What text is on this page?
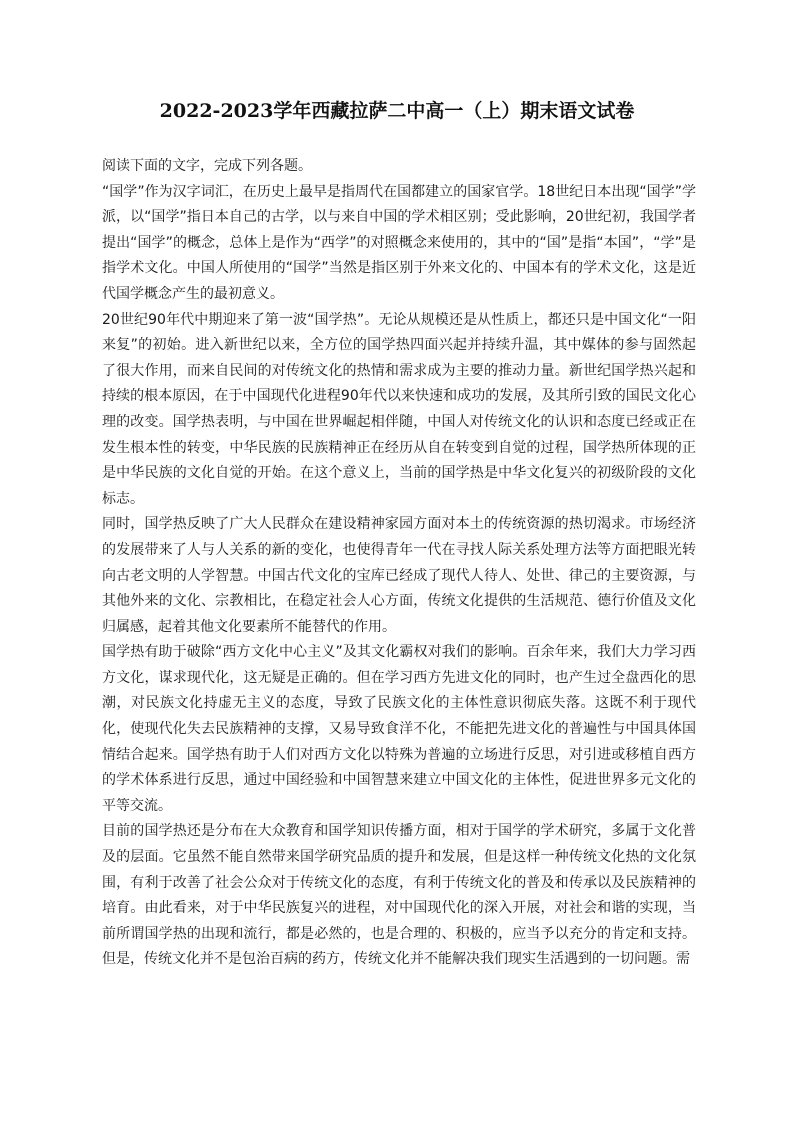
2022-2023学年西藏拉萨二中高一（上）期末语文试卷

阅读下面的文字，完成下列各题。

“国学”作为汉字词汇，在历史上最早是指周代在国都建立的国家官学。18世纪日本出现“国学”学派，以“国学”指日本自己的古学，以与来自中国的学术相区别；受此影响，20世纪初，我国学者提出“国学”的概念，总体上是作为“西学”的对照概念来使用的，其中的“国”是指“本国”，“学”是指学术文化。中国人所使用的“国学”当然是指区别于外来文化的、中国本有的学术文化，这是近代国学概念产生的最初意义。

20世纪90年代中期迎来了第一波“国学热”。无论从规模还是从性质上，都还只是中国文化“一阳来复”的初始。进入新世纪以来，全方位的国学热四面兴起并持续升温，其中媒体的参与固然起了很大作用，而来自民间的对传统文化的热情和需求成为主要的推动力量。新世纪国学热兴起和持续的根本原因，在于中国现代化进程90年代以来快速和成功的发展，及其所引致的国民文化心理的改变。国学热表明，与中国在世界崛起相伴随，中国人对传统文化的认识和态度已经或正在发生根本性的转变，中华民族的民族精神正在经历从自在转变到自觉的过程，国学热所体现的正是中华民族的文化自觉的开始。在这个意义上，当前的国学热是中华文化复兴的初级阶段的文化标志。

同时，国学热反映了广大人民群众在建设精神家园方面对本土的传统资源的热切渴求。市场经济的发展带来了人与人关系的新的变化，也使得青年一代在寻找人际关系处理方法等方面把眼光转向古老文明的人学智慧。中国古代文化的宝库已经成了现代人待人、处世、律己的主要资源，与其他外来的文化、宗教相比，在稳定社会人心方面，传统文化提供的生活规范、德行价值及文化归属感，起着其他文化要素所不能替代的作用。

国学热有助于破除“西方文化中心主义”及其文化霸权对我们的影响。百余年来，我们大力学习西方文化，谋求现代化，这无疑是正确的。但在学习西方先进文化的同时，也产生过全盘西化的思潮，对民族文化持虚无主义的态度，导致了民族文化的主体性意识彻底失落。这既不利于现代化，使现代化失去民族精神的支撑，又易导致食洋不化，不能把先进文化的普遍性与中国具体国情结合起来。国学热有助于人们对西方文化以特殊为普遍的立场进行反思，对引进或移植自西方的学术体系进行反思，通过中国经验和中国智慧来建立中国文化的主体性，促进世界多元文化的平等交流。

目前的国学热还是分布在大众教育和国学知识传播方面，相对于国学的学术研究，多属于文化普及的层面。它虽然不能自然带来国学研究品质的提升和发展，但是这样一种传统文化热的文化氛围，有利于改善了社会公众对于传统文化的态度，有利于传统文化的普及和传承以及民族精神的培育。由此看来，对于中华民族复兴的进程，对中国现代化的深入开展，对社会和谐的实现，当前所谓国学热的出现和流行，都是必然的，也是合理的、积极的，应当予以充分的肯定和支持。但是，传统文化并不是包治百病的药方，传统文化并不能解决我们现实生活遇到的一切问题。需
